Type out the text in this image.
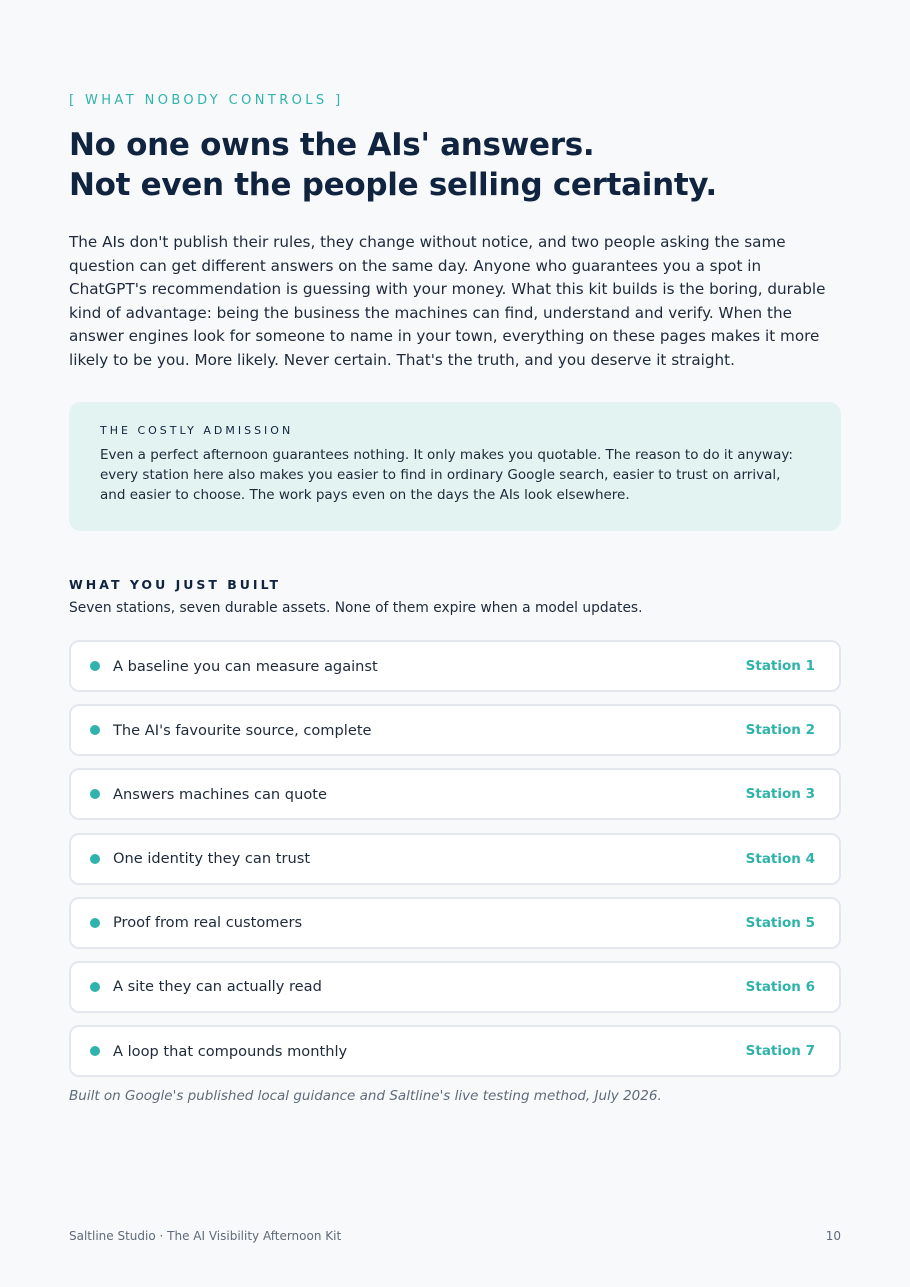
[ WHAT NOBODY CONTROLS ]
No one owns the AIs' answers.
Not even the people selling certainty.

The AIs don't publish their rules, they change without notice, and two people asking the same question can get different answers on the same day. Anyone who guarantees you a spot in ChatGPT's recommendation is guessing with your money. What this kit builds is the boring, durable kind of advantage: being the business the machines can find, understand and verify. When the answer engines look for someone to name in your town, everything on these pages makes it more likely to be you. More likely. Never certain. That's the truth, and you deserve it straight.

THE COSTLY ADMISSION

Even a perfect afternoon guarantees nothing. It only makes you quotable. The reason to do it anyway: every station here also makes you easier to find in ordinary Google search, easier to trust on arrival, and easier to choose. The work pays even on the days the AIs look elsewhere.

WHAT YOU JUST BUILT

Seven stations, seven durable assets. None of them expire when a model updates.

A baseline you can measure against	Station 1
The AI's favourite source, complete	Station 2
Answers machines can quote	Station 3
One identity they can trust	Station 4
Proof from real customers	Station 5
A site they can actually read	Station 6
A loop that compounds monthly	Station 7

Built on Google's published local guidance and Saltline's live testing method, July 2026.

Saltline Studio · The AI Visibility Afternoon Kit	10
